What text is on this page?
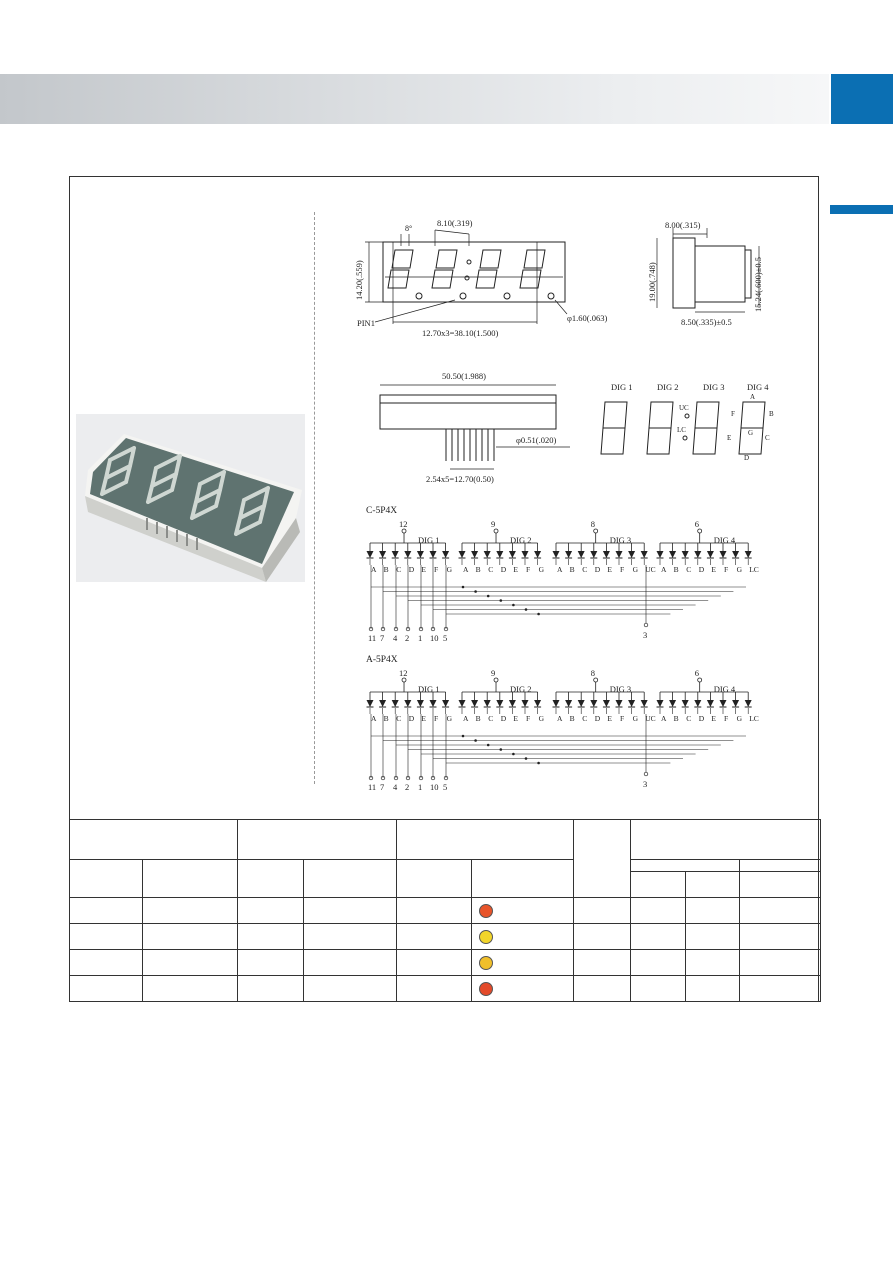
8°
8.10(.319)
14.20(.559)
PIN1
12.70x3=38.10(1.500)
φ1.60(.063)
8.00(.315)
19.00(.748)	15.24(.600)±0.5
8.50(.335)±0.5
50.50(1.988)
φ0.51(.020)
2.54x5=12.70(0.50)
DIG 1	DIG 2	DIG 3	DIG 4
A
B
C
D
E
F
G
UC
LC
C-5P4X
12
DIG 1
A B C D E F G
9
DIG 2
A B C D E F G
8
DIG 3
A B C D E F G UC
6
DIG 4
A B C D E F G LC
11 7 4 2 1 10 5	3
A-5P4X
12
DIG 1
A B C D E F G
9
DIG 2
A B C D E F G
8
DIG 3
A B C D E F G UC
6
DIG 4
A B C D E F G LC
11 7 4 2 1 10 5	3
